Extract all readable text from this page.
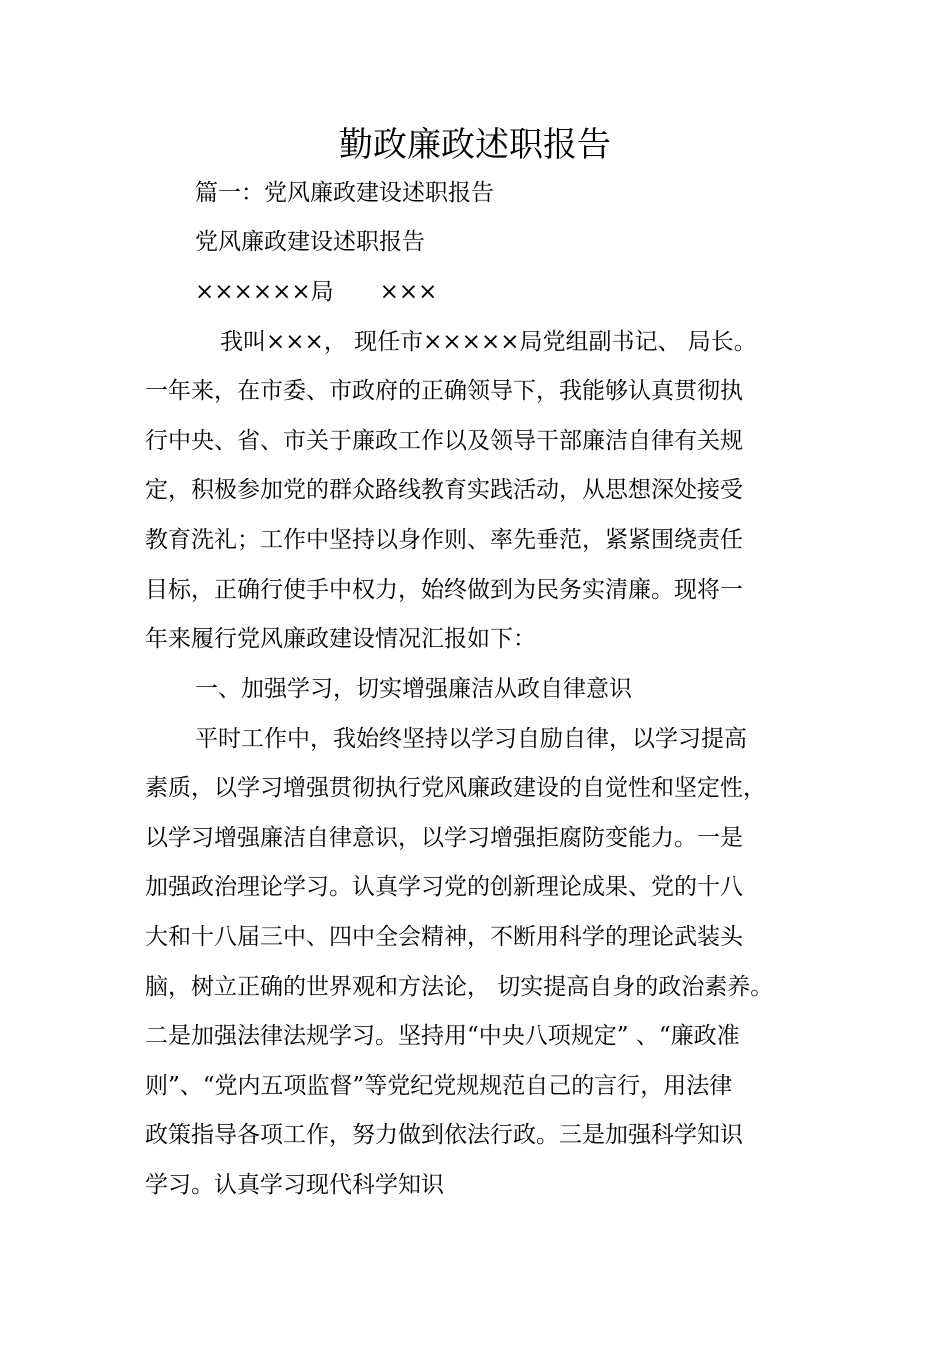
勤政廉政述职报告
篇一：党风廉政建设述职报告
党风廉政建设述职报告
××××××局　　×××
我叫×××， 现任市×××××局党组副书记、 局长。
一年来，在市委、市政府的正确领导下，我能够认真贯彻执
行中央、省、市关于廉政工作以及领导干部廉洁自律有关规
定，积极参加党的群众路线教育实践活动，从思想深处接受
教育洗礼；工作中坚持以身作则、率先垂范，紧紧围绕责任
目标，正确行使手中权力，始终做到为民务实清廉。现将一
年来履行党风廉政建设情况汇报如下：
一、加强学习，切实增强廉洁从政自律意识
平时工作中，我始终坚持以学习自励自律，以学习提高
素质，以学习增强贯彻执行党风廉政建设的自觉性和坚定性，
以学习增强廉洁自律意识，以学习增强拒腐防变能力。一是
加强政治理论学习。认真学习党的创新理论成果、党的十八
大和十八届三中、四中全会精神，不断用科学的理论武装头
脑，树立正确的世界观和方法论， 切实提高自身的政治素养。
二是加强法律法规学习。坚持用“中央八项规定” 、“廉政准
则”、“党内五项监督”等党纪党规规范自己的言行，用法律
政策指导各项工作，努力做到依法行政。三是加强科学知识
学习。认真学习现代科学知识
